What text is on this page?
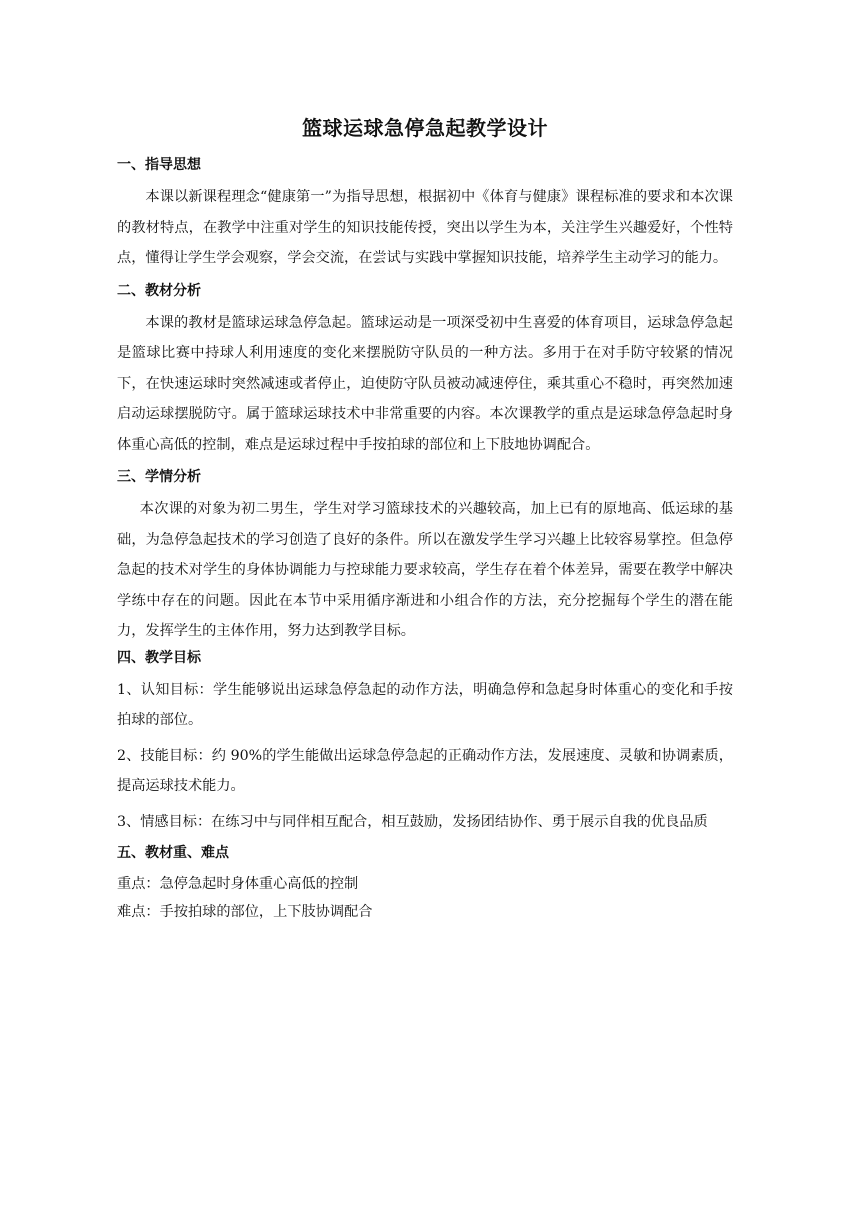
篮球运球急停急起教学设计
一、指导思想

本课以新课程理念“健康第一”为指导思想，根据初中《体育与健康》课程标准的要求和本次课的教材特点，在教学中注重对学生的知识技能传授，突出以学生为本，关注学生兴趣爱好，个性特点，懂得让学生学会观察，学会交流，在尝试与实践中掌握知识技能，培养学生主动学习的能力。

二、教材分析

本课的教材是篮球运球急停急起。篮球运动是一项深受初中生喜爱的体育项目，运球急停急起是篮球比赛中持球人利用速度的变化来摆脱防守队员的一种方法。多用于在对手防守较紧的情况下，在快速运球时突然减速或者停止，迫使防守队员被动减速停住，乘其重心不稳时，再突然加速启动运球摆脱防守。属于篮球运球技术中非常重要的内容。本次课教学的重点是运球急停急起时身体重心高低的控制，难点是运球过程中手按拍球的部位和上下肢地协调配合。

三、学情分析

本次课的对象为初二男生，学生对学习篮球技术的兴趣较高，加上已有的原地高、低运球的基础，为急停急起技术的学习创造了良好的条件。所以在激发学生学习兴趣上比较容易掌控。但急停急起的技术对学生的身体协调能力与控球能力要求较高，学生存在着个体差异，需要在教学中解决学练中存在的问题。因此在本节中采用循序渐进和小组合作的方法，充分挖掘每个学生的潜在能力，发挥学生的主体作用，努力达到教学目标。

四、教学目标

1、认知目标：学生能够说出运球急停急起的动作方法，明确急停和急起身时体重心的变化和手按拍球的部位。

2、技能目标：约 90%的学生能做出运球急停急起的正确动作方法，发展速度、灵敏和协调素质，提高运球技术能力。

3、情感目标：在练习中与同伴相互配合，相互鼓励，发扬团结协作、勇于展示自我的优良品质

五、教材重、难点

重点：急停急起时身体重心高低的控制

难点：手按拍球的部位，上下肢协调配合
